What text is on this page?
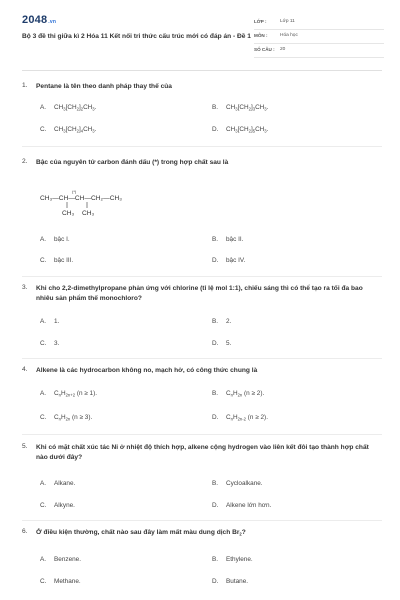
2048.vn
Bộ 3 đề thi giữa kì 2 Hóa 11 Kết nối tri thức cấu trúc mới có đáp án - Đề 1
LỚP :	Lớp 11
MÔN :	Hóa học
SỐ CÂU : 20
1. Pentane là tên theo danh pháp thay thế của
A. $CH_3[CH_2]_2CH_3$.	B. $CH_3[CH_2]_3CH_3$.
C. $CH_3[CH_2]_4CH_3$.	D. $CH_3[CH_2]_5CH_3$.
2. Bậc của nguyên tử carbon đánh dấu (*) trong hợp chất sau là
(*)
CH₃—CH—CH—CH₂—CH₃
CH₃ CH₃
A. bậc I.	B. bậc II.
C. bậc III.	D. bậc IV.
3. Khi cho 2,2-dimethylpropane phản ứng với chlorine (tỉ lệ mol 1:1), chiếu sáng thì có thể tạo ra tối đa bao nhiêu sản phẩm thế monochloro?
A. 1.	B. 2.
C. 3.	D. 5.
4. Alkene là các hydrocarbon không no, mạch hở, có công thức chung là
A. $C_nH_{2n+2}$ (n ≥ 1).	B. $C_nH_{2n}$ (n ≥ 2).
C. $C_nH_{2n}$ (n ≥ 3).	D. $C_nH_{2n-2}$ (n ≥ 2).
5. Khi có mặt chất xúc tác Ni ở nhiệt độ thích hợp, alkene cộng hydrogen vào liên kết đôi tạo thành hợp chất nào dưới đây?
A. Alkane.	B. Cycloalkane.
C. Alkyne.	D. Alkene lớn hơn.
6. Ở điều kiện thường, chất nào sau đây làm mất màu dung dịch $Br_2$?
A. Benzene.	B. Ethylene.
C. Methane.	D. Butane.
